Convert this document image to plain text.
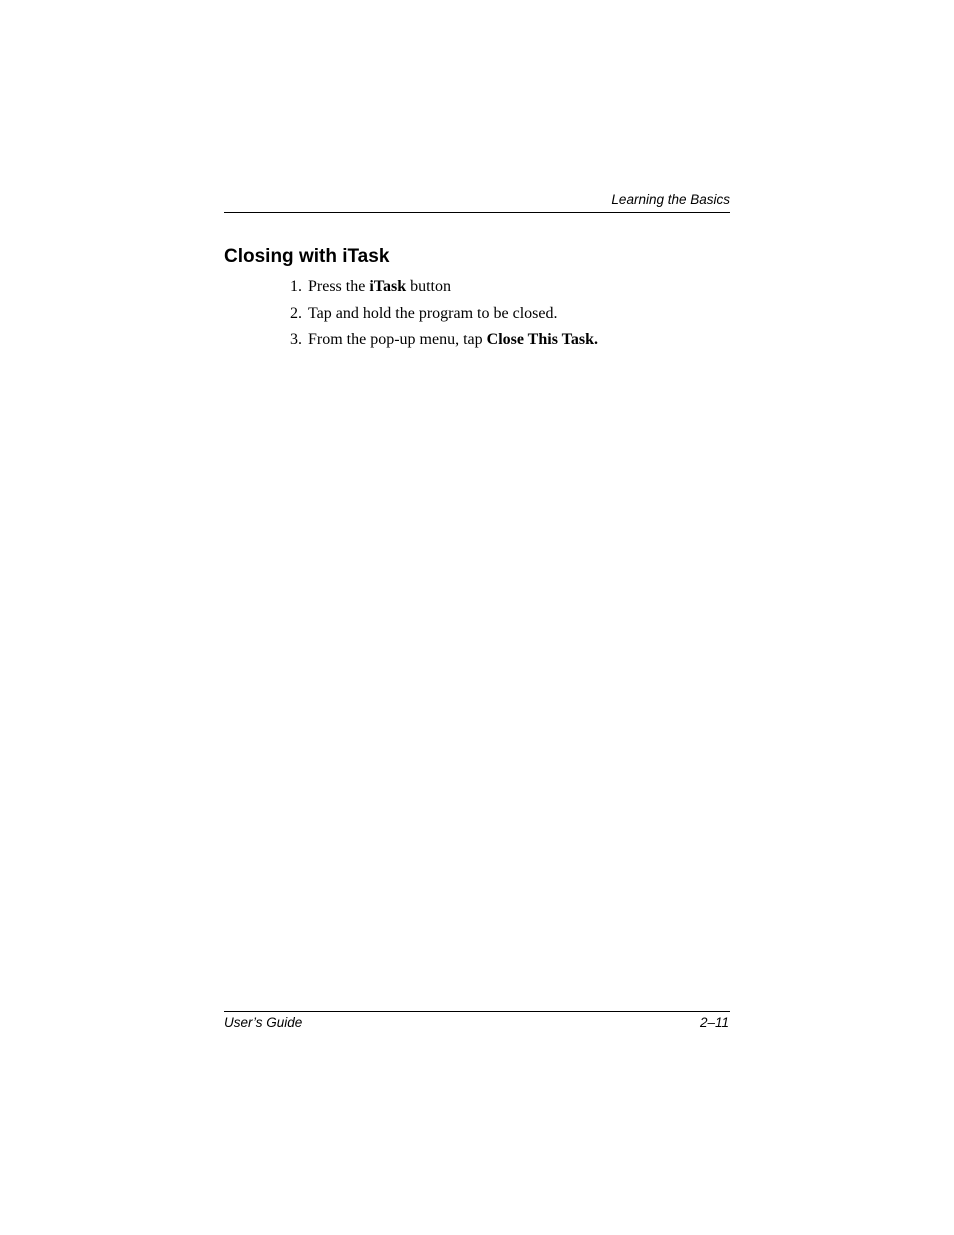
Learning the Basics
Closing with iTask
1. Press the iTask button
2. Tap and hold the program to be closed.
3. From the pop-up menu, tap Close This Task.
User’s Guide	2–11
